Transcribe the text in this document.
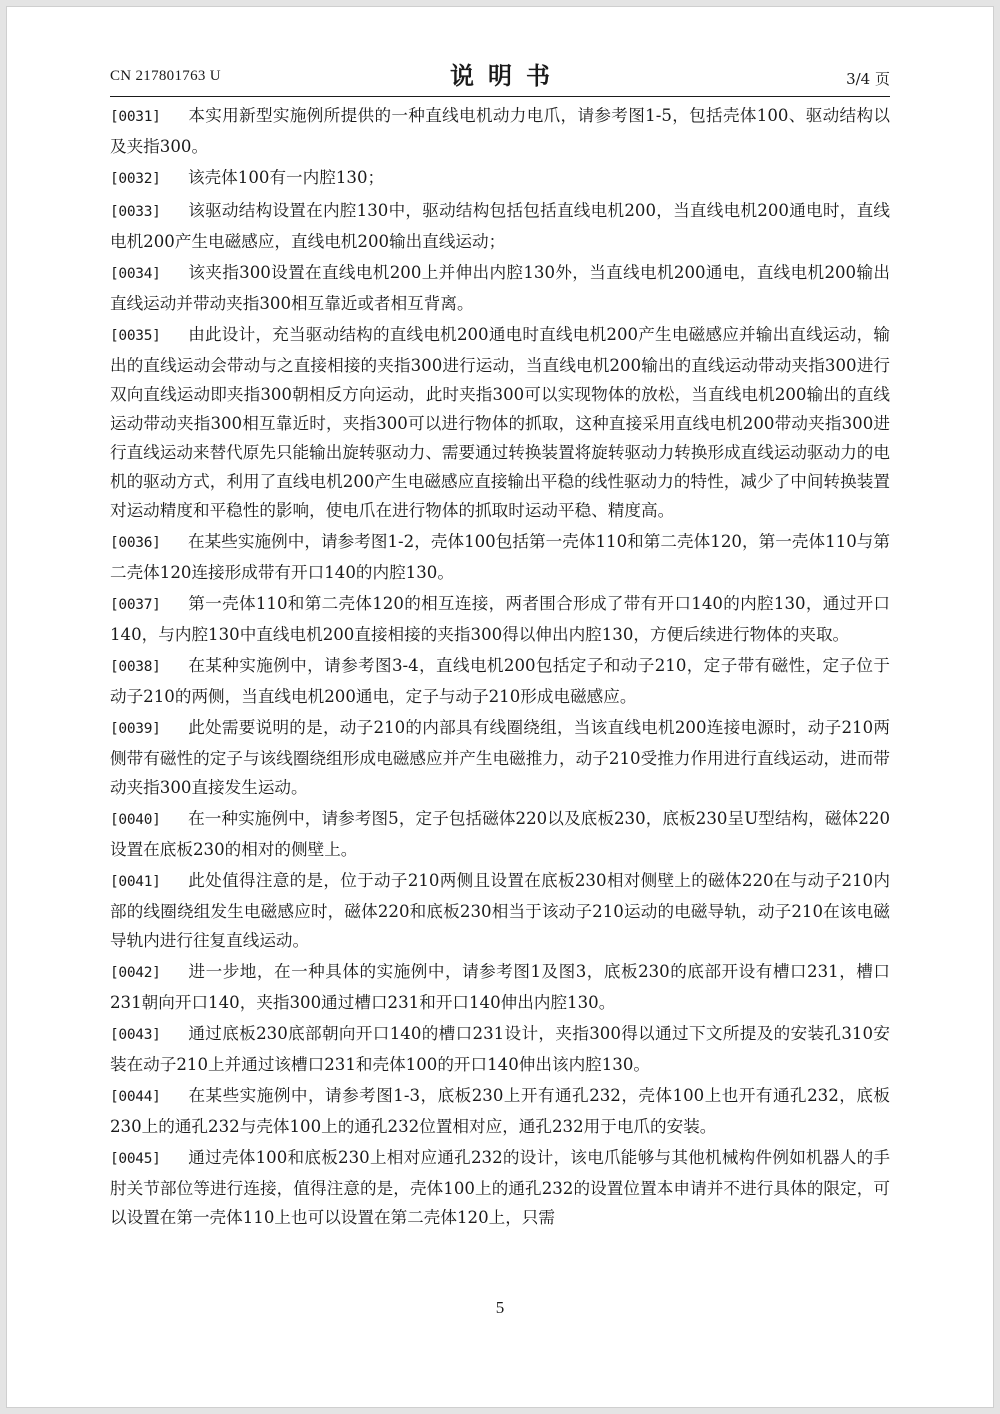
CN 217801763 U	说明书	3/4 页

[0031] 本实用新型实施例所提供的一种直线电机动力电爪，请参考图1-5，包括壳体100、驱动结构以及夹指300。

[0032] 该壳体100有一内腔130；

[0033] 该驱动结构设置在内腔130中，驱动结构包括包括直线电机200，当直线电机200通电时，直线电机200产生电磁感应，直线电机200输出直线运动；

[0034] 该夹指300设置在直线电机200上并伸出内腔130外，当直线电机200通电，直线电机200输出直线运动并带动夹指300相互靠近或者相互背离。

[0035] 由此设计，充当驱动结构的直线电机200通电时直线电机200产生电磁感应并输出直线运动，输出的直线运动会带动与之直接相接的夹指300进行运动，当直线电机200输出的直线运动带动夹指300进行双向直线运动即夹指300朝相反方向运动，此时夹指300可以实现物体的放松，当直线电机200输出的直线运动带动夹指300相互靠近时，夹指300可以进行物体的抓取，这种直接采用直线电机200带动夹指300进行直线运动来替代原先只能输出旋转驱动力、需要通过转换装置将旋转驱动力转换形成直线运动驱动力的电机的驱动方式，利用了直线电机200产生电磁感应直接输出平稳的线性驱动力的特性，减少了中间转换装置对运动精度和平稳性的影响，使电爪在进行物体的抓取时运动平稳、精度高。

[0036] 在某些实施例中，请参考图1-2，壳体100包括第一壳体110和第二壳体120，第一壳体110与第二壳体120连接形成带有开口140的内腔130。

[0037] 第一壳体110和第二壳体120的相互连接，两者围合形成了带有开口140的内腔130，通过开口140，与内腔130中直线电机200直接相接的夹指300得以伸出内腔130，方便后续进行物体的夹取。

[0038] 在某种实施例中，请参考图3-4，直线电机200包括定子和动子210，定子带有磁性，定子位于动子210的两侧，当直线电机200通电，定子与动子210形成电磁感应。

[0039] 此处需要说明的是，动子210的内部具有线圈绕组，当该直线电机200连接电源时，动子210两侧带有磁性的定子与该线圈绕组形成电磁感应并产生电磁推力，动子210受推力作用进行直线运动，进而带动夹指300直接发生运动。

[0040] 在一种实施例中，请参考图5，定子包括磁体220以及底板230，底板230呈U型结构，磁体220设置在底板230的相对的侧壁上。

[0041] 此处值得注意的是，位于动子210两侧且设置在底板230相对侧壁上的磁体220在与动子210内部的线圈绕组发生电磁感应时，磁体220和底板230相当于该动子210运动的电磁导轨，动子210在该电磁导轨内进行往复直线运动。

[0042] 进一步地，在一种具体的实施例中，请参考图1及图3，底板230的底部开设有槽口231，槽口231朝向开口140，夹指300通过槽口231和开口140伸出内腔130。

[0043] 通过底板230底部朝向开口140的槽口231设计，夹指300得以通过下文所提及的安装孔310安装在动子210上并通过该槽口231和壳体100的开口140伸出该内腔130。

[0044] 在某些实施例中，请参考图1-3，底板230上开有通孔232，壳体100上也开有通孔232，底板230上的通孔232与壳体100上的通孔232位置相对应，通孔232用于电爪的安装。

[0045] 通过壳体100和底板230上相对应通孔232的设计，该电爪能够与其他机械构件例如机器人的手肘关节部位等进行连接，值得注意的是，壳体100上的通孔232的设置位置本申请并不进行具体的限定，可以设置在第一壳体110上也可以设置在第二壳体120上，只需

5
